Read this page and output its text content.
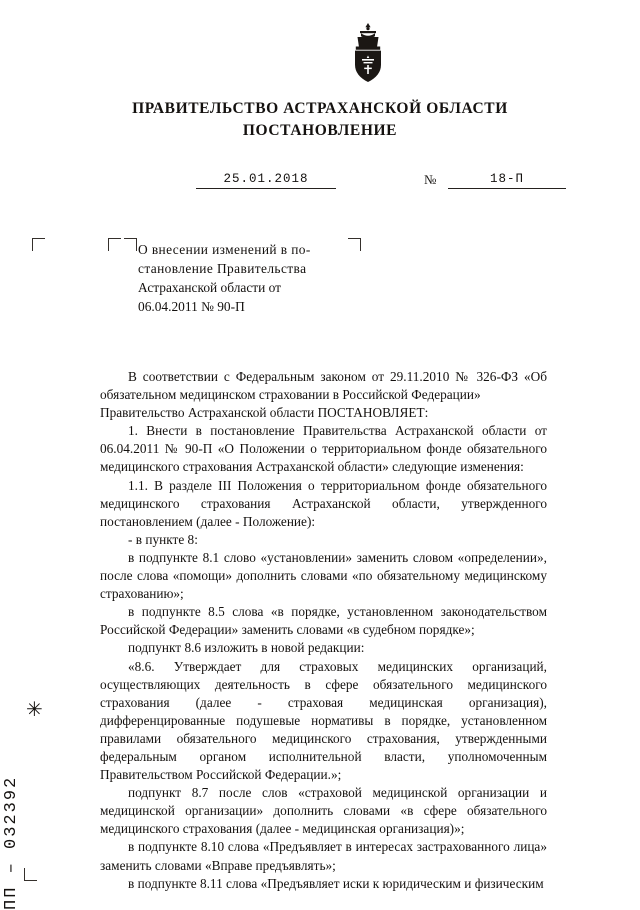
ПРАВИТЕЛЬСТВО АСТРАХАНСКОЙ ОБЛАСТИ
ПОСТАНОВЛЕНИЕ
25.01.2018	№	18-П
О внесении изменений в по-
становление Правительства
Астраханской области от
06.04.2011 № 90-П

В соответствии с Федеральным законом от 29.11.2010 № 326-ФЗ «Об обязательном медицинском страховании в Российской Федерации»

Правительство Астраханской области ПОСТАНОВЛЯЕТ:

1. Внести в постановление Правительства Астраханской области от 06.04.2011 № 90-П «О Положении о территориальном фонде обязательного медицинского страхования Астраханской области» следующие изменения:

1.1. В разделе III Положения о территориальном фонде обязательного медицинского страхования Астраханской области, утвержденного постановлением (далее - Положение):

- в пункте 8:

в подпункте 8.1 слово «установлении» заменить словом «определении», после слова «помощи» дополнить словами «по обязательному медицинскому страхованию»;

в подпункте 8.5 слова «в порядке, установленном законодательством Российской Федерации» заменить словами «в судебном порядке»;

подпункт 8.6 изложить в новой редакции:

«8.6. Утверждает для страховых медицинских организаций, осуществляющих деятельность в сфере обязательного медицинского страхования (далее - страховая медицинская организация), дифференцированные подушевые нормативы в порядке, установленном правилами обязательного медицинского страхования, утвержденными федеральным органом исполнительной власти, уполномоченным Правительством Российской Федерации.»;

подпункт 8.7 после слов «страховой медицинской организации и медицинской организации» дополнить словами «в сфере обязательного медицинского страхования (далее - медицинская организация)»;

в подпункте 8.10 слова «Предъявляет в интересах застрахованного лица» заменить словами «Вправе предъявлять»;

в подпункте 8.11 слова «Предъявляет иски к юридическим и физическим

✳
ПП – 032392
